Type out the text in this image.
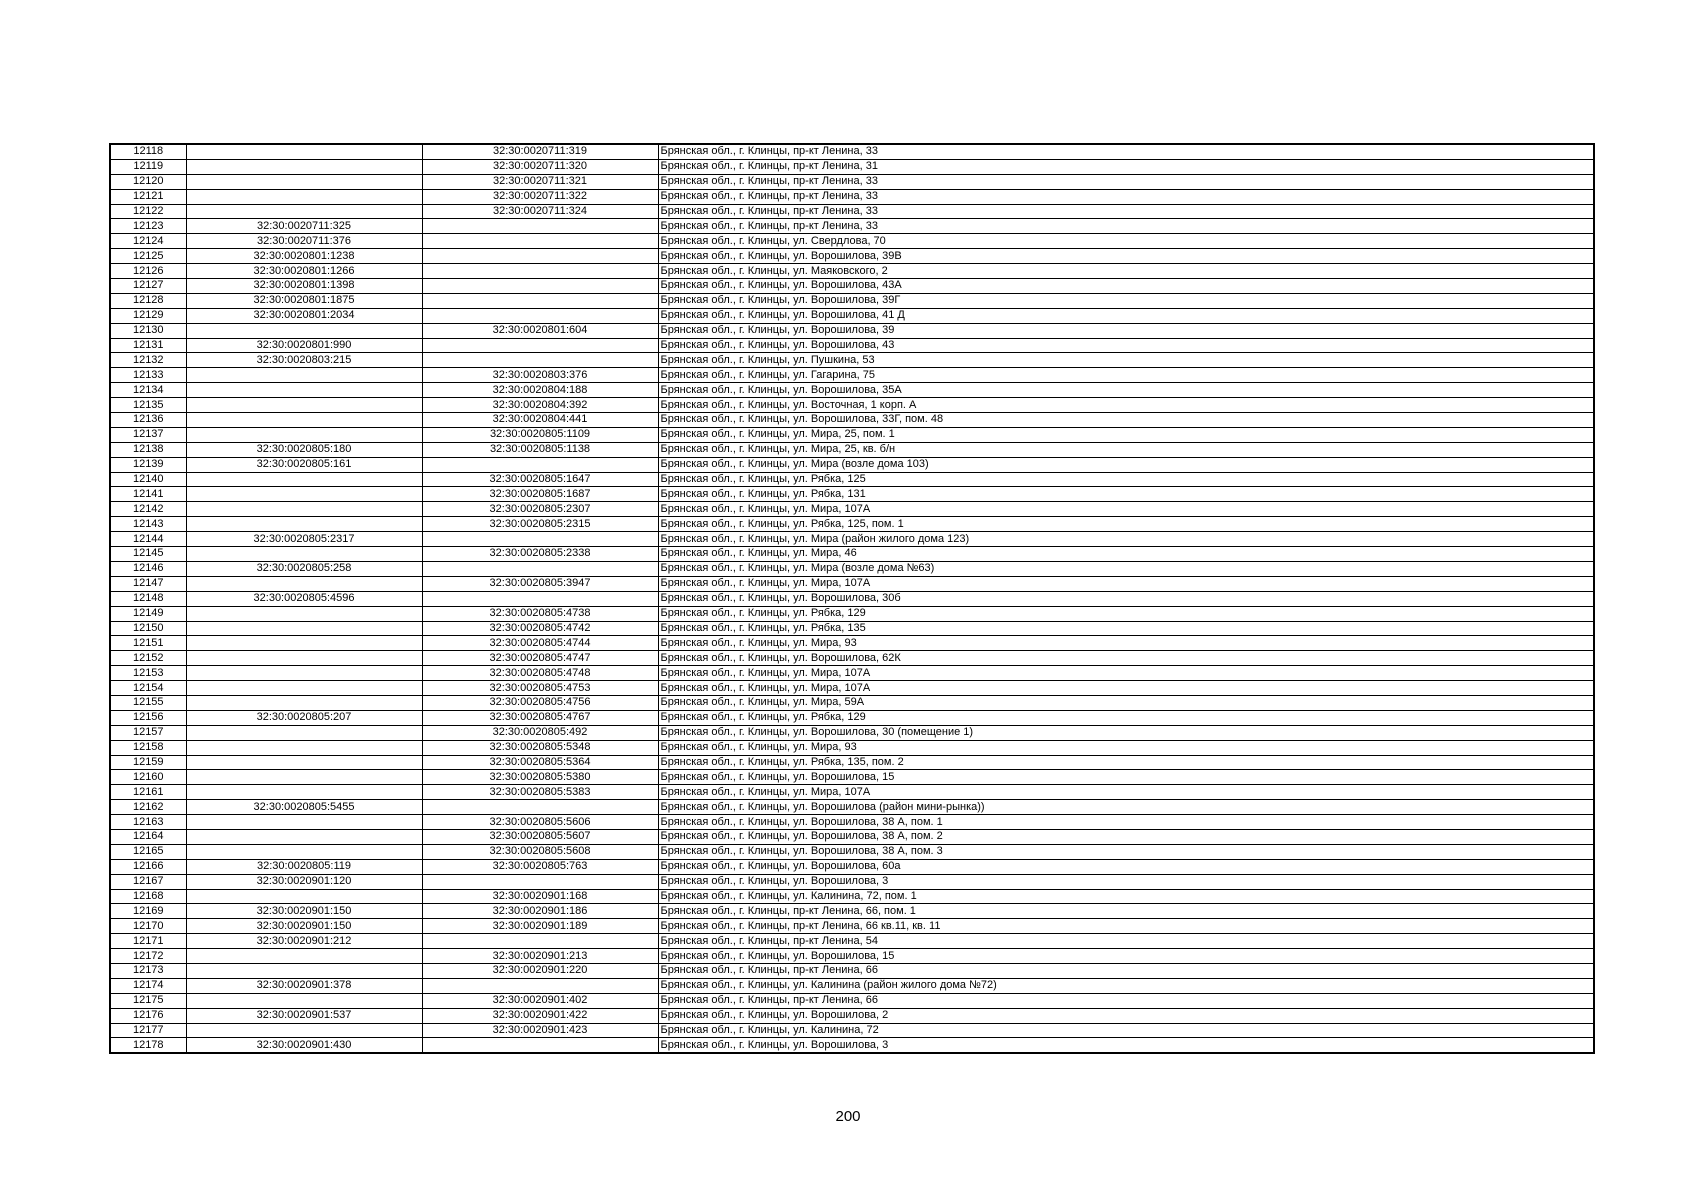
12118		32:30:0020711:319	Брянская обл., г. Клинцы, пр-кт Ленина, 33
12119		32:30:0020711:320	Брянская обл., г. Клинцы, пр-кт Ленина, 31
12120		32:30:0020711:321	Брянская обл., г. Клинцы, пр-кт Ленина, 33
12121		32:30:0020711:322	Брянская обл., г. Клинцы, пр-кт Ленина, 33
12122		32:30:0020711:324	Брянская обл., г. Клинцы, пр-кт Ленина, 33
12123	32:30:0020711:325		Брянская обл., г. Клинцы, пр-кт Ленина, 33
12124	32:30:0020711:376		Брянская обл., г. Клинцы, ул. Свердлова, 70
12125	32:30:0020801:1238		Брянская обл., г. Клинцы, ул. Ворошилова, 39В
12126	32:30:0020801:1266		Брянская обл., г. Клинцы, ул. Маяковского, 2
12127	32:30:0020801:1398		Брянская обл., г. Клинцы, ул. Ворошилова, 43А
12128	32:30:0020801:1875		Брянская обл., г. Клинцы, ул. Ворошилова, 39Г
12129	32:30:0020801:2034		Брянская обл., г. Клинцы, ул. Ворошилова, 41 Д
12130		32:30:0020801:604	Брянская обл., г. Клинцы, ул. Ворошилова, 39
12131	32:30:0020801:990		Брянская обл., г. Клинцы, ул. Ворошилова, 43
12132	32:30:0020803:215		Брянская обл., г. Клинцы, ул. Пушкина, 53
12133		32:30:0020803:376	Брянская обл., г. Клинцы, ул. Гагарина, 75
12134		32:30:0020804:188	Брянская обл., г. Клинцы, ул. Ворошилова, 35А
12135		32:30:0020804:392	Брянская обл., г. Клинцы, ул. Восточная, 1 корп. А
12136		32:30:0020804:441	Брянская обл., г. Клинцы, ул. Ворошилова, 33Г, пом. 48
12137		32:30:0020805:1109	Брянская обл., г. Клинцы, ул. Мира, 25, пом. 1
12138	32:30:0020805:180	32:30:0020805:1138	Брянская обл., г. Клинцы, ул. Мира, 25, кв. б/н
12139	32:30:0020805:161		Брянская обл., г. Клинцы, ул. Мира (возле дома 103)
12140		32:30:0020805:1647	Брянская обл., г. Клинцы, ул. Рябка, 125
12141		32:30:0020805:1687	Брянская обл., г. Клинцы, ул. Рябка, 131
12142		32:30:0020805:2307	Брянская обл., г. Клинцы, ул. Мира, 107А
12143		32:30:0020805:2315	Брянская обл., г. Клинцы, ул. Рябка, 125, пом. 1
12144	32:30:0020805:2317		Брянская обл., г. Клинцы, ул. Мира (район жилого дома 123)
12145		32:30:0020805:2338	Брянская обл., г. Клинцы, ул. Мира, 46
12146	32:30:0020805:258		Брянская обл., г. Клинцы, ул. Мира (возле дома №63)
12147		32:30:0020805:3947	Брянская обл., г. Клинцы, ул. Мира, 107А
12148	32:30:0020805:4596		Брянская обл., г. Клинцы, ул. Ворошилова, 30б
12149		32:30:0020805:4738	Брянская обл., г. Клинцы, ул. Рябка, 129
12150		32:30:0020805:4742	Брянская обл., г. Клинцы, ул. Рябка, 135
12151		32:30:0020805:4744	Брянская обл., г. Клинцы, ул. Мира, 93
12152		32:30:0020805:4747	Брянская обл., г. Клинцы, ул. Ворошилова, 62К
12153		32:30:0020805:4748	Брянская обл., г. Клинцы, ул. Мира, 107А
12154		32:30:0020805:4753	Брянская обл., г. Клинцы, ул. Мира, 107А
12155		32:30:0020805:4756	Брянская обл., г. Клинцы, ул. Мира, 59А
12156	32:30:0020805:207	32:30:0020805:4767	Брянская обл., г. Клинцы, ул. Рябка, 129
12157		32:30:0020805:492	Брянская обл., г. Клинцы, ул. Ворошилова, 30 (помещение 1)
12158		32:30:0020805:5348	Брянская обл., г. Клинцы, ул. Мира, 93
12159		32:30:0020805:5364	Брянская обл., г. Клинцы, ул. Рябка, 135, пом. 2
12160		32:30:0020805:5380	Брянская обл., г. Клинцы, ул. Ворошилова, 15
12161		32:30:0020805:5383	Брянская обл., г. Клинцы, ул. Мира, 107А
12162	32:30:0020805:5455		Брянская обл., г. Клинцы, ул. Ворошилова (район мини-рынка))
12163		32:30:0020805:5606	Брянская обл., г. Клинцы, ул. Ворошилова, 38 А, пом. 1
12164		32:30:0020805:5607	Брянская обл., г. Клинцы, ул. Ворошилова, 38 А, пом. 2
12165		32:30:0020805:5608	Брянская обл., г. Клинцы, ул. Ворошилова, 38 А, пом. 3
12166	32:30:0020805:119	32:30:0020805:763	Брянская обл., г. Клинцы, ул. Ворошилова, 60а
12167	32:30:0020901:120		Брянская обл., г. Клинцы, ул. Ворошилова, 3
12168		32:30:0020901:168	Брянская обл., г. Клинцы, ул. Калинина, 72, пом. 1
12169	32:30:0020901:150	32:30:0020901:186	Брянская обл., г. Клинцы, пр-кт Ленина, 66, пом. 1
12170	32:30:0020901:150	32:30:0020901:189	Брянская обл., г. Клинцы, пр-кт Ленина, 66 кв.11, кв. 11
12171	32:30:0020901:212		Брянская обл., г. Клинцы, пр-кт Ленина, 54
12172		32:30:0020901:213	Брянская обл., г. Клинцы, ул. Ворошилова, 15
12173		32:30:0020901:220	Брянская обл., г. Клинцы, пр-кт Ленина, 66
12174	32:30:0020901:378		Брянская обл., г. Клинцы, ул. Калинина (район жилого дома №72)
12175		32:30:0020901:402	Брянская обл., г. Клинцы, пр-кт Ленина, 66
12176	32:30:0020901:537	32:30:0020901:422	Брянская обл., г. Клинцы, ул. Ворошилова, 2
12177		32:30:0020901:423	Брянская обл., г. Клинцы, ул. Калинина, 72
12178	32:30:0020901:430		Брянская обл., г. Клинцы, ул. Ворошилова, 3
200
